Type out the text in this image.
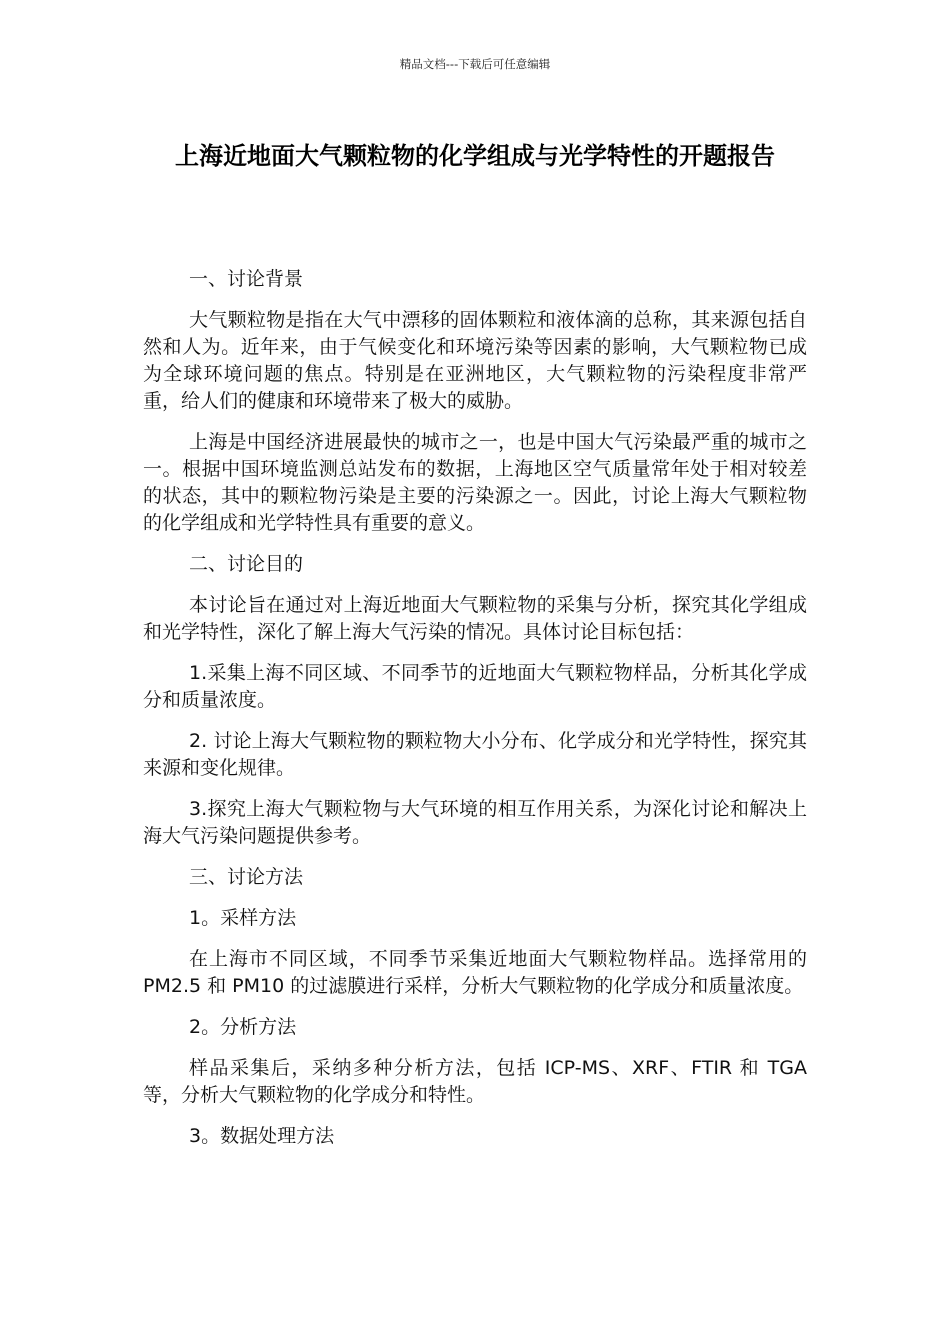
精品文档---下载后可任意编辑
上海近地面大气颗粒物的化学组成与光学特性的开题报告

一、讨论背景

大气颗粒物是指在大气中漂移的固体颗粒和液体滴的总称，其来源包括自然和人为。近年来，由于气候变化和环境污染等因素的影响，大气颗粒物已成为全球环境问题的焦点。特别是在亚洲地区，大气颗粒物的污染程度非常严重，给人们的健康和环境带来了极大的威胁。

上海是中国经济进展最快的城市之一，也是中国大气污染最严重的城市之一。根据中国环境监测总站发布的数据，上海地区空气质量常年处于相对较差的状态，其中的颗粒物污染是主要的污染源之一。因此，讨论上海大气颗粒物的化学组成和光学特性具有重要的意义。

二、讨论目的

本讨论旨在通过对上海近地面大气颗粒物的采集与分析，探究其化学组成和光学特性，深化了解上海大气污染的情况。具体讨论目标包括：

1.采集上海不同区域、不同季节的近地面大气颗粒物样品，分析其化学成分和质量浓度。

2. 讨论上海大气颗粒物的颗粒物大小分布、化学成分和光学特性，探究其来源和变化规律。

3.探究上海大气颗粒物与大气环境的相互作用关系，为深化讨论和解决上海大气污染问题提供参考。

三、讨论方法

1。采样方法

在上海市不同区域，不同季节采集近地面大气颗粒物样品。选择常用的 PM2.5 和 PM10 的过滤膜进行采样，分析大气颗粒物的化学成分和质量浓度。

2。分析方法

样品采集后，采纳多种分析方法，包括 ICP-MS、XRF、FTIR 和 TGA 等，分析大气颗粒物的化学成分和特性。

3。数据处理方法
